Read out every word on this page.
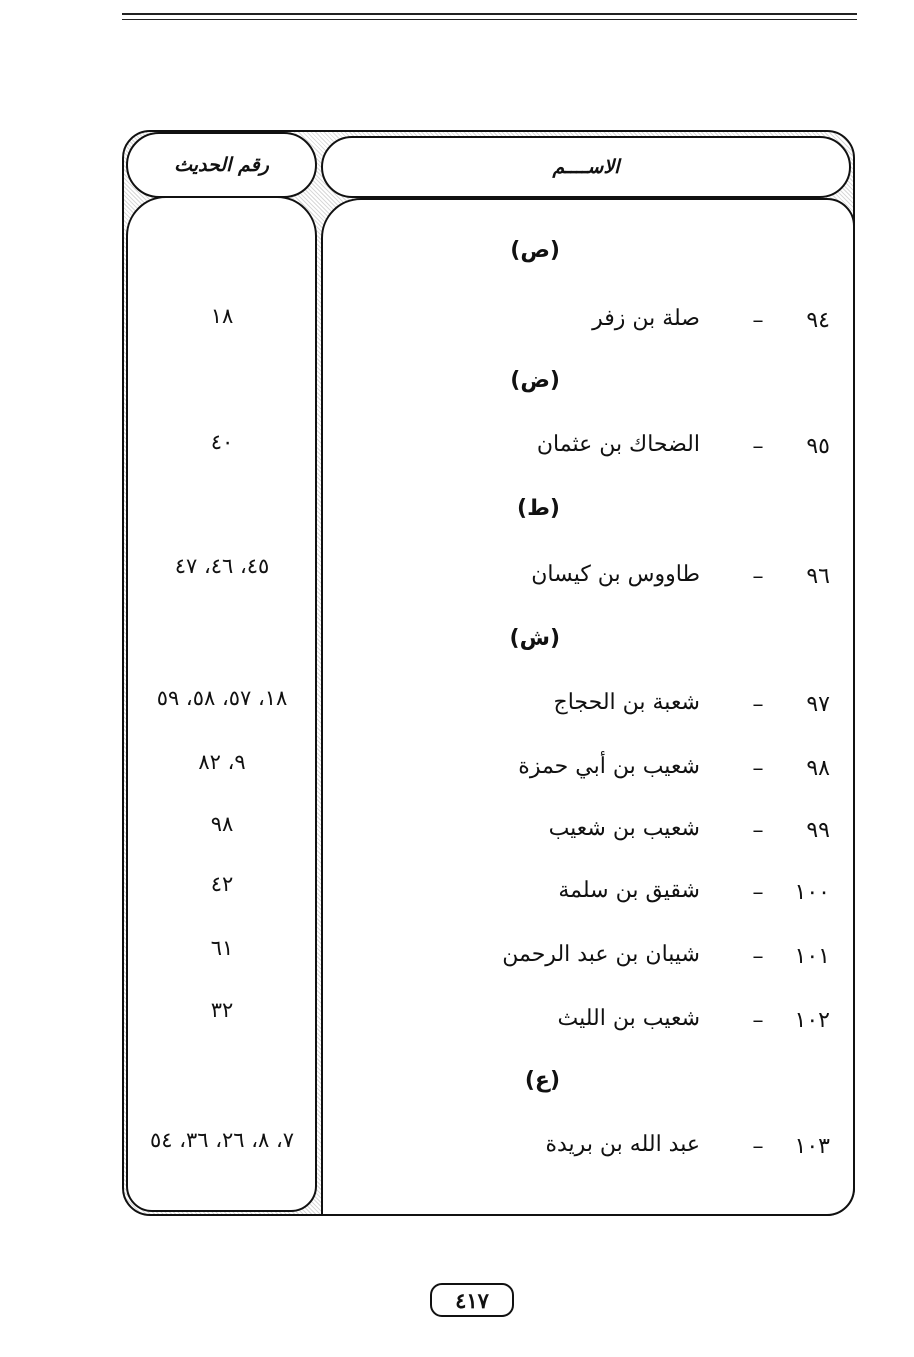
الاســــم
رقم الحديث
(ص)
٩٤
–
صلة بن زفر
١٨
(ض)
٩٥
–
الضحاك بن عثمان
٤٠
(ط)
٩٦
–
طاووس بن كيسان
٤٥، ٤٦، ٤٧
(ش)
٩٧
–
شعبة بن الحجاج
١٨، ٥٧، ٥٨، ٥٩
٩٨
–
شعيب بن أبي حمزة
٩، ٨٢
٩٩
–
شعيب بن شعيب
٩٨
١٠٠
–
شقيق بن سلمة
٤٢
١٠١
–
شيبان بن عبد الرحمن
٦١
١٠٢
–
شعيب بن الليث
٣٢
(ع)
١٠٣
–
عبد الله بن بريدة
٧، ٨، ٢٦، ٣٦، ٥٤
٤١٧
